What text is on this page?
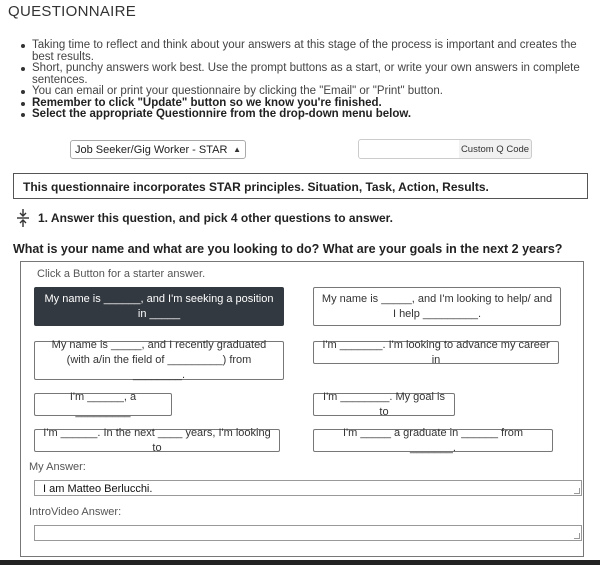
QUESTIONNAIRE
Taking time to reflect and think about your answers at this stage of the process is important and creates the best results.
Short, punchy answers work best. Use the prompt buttons as a start, or write your own answers in complete sentences.
You can email or print your questionnaire by clicking the "Email" or "Print" button.
Remember to click "Update" button so we know you're finished.
Select the appropriate Questionnire from the drop-down menu below.
Job Seeker/Gig Worker - STAR ▲︎	Custom Q Code
This questionnaire incorporates STAR principles. Situation, Task, Action, Results.
1. Answer this question, and pick 4 other questions to answer.
What is your name and what are you looking to do? What are your goals in the next 2 years?
Click a Button for a starter answer.
My name is ______, and I'm seeking a position in _____
My name is _____, and I'm looking to help/ and I help _________.
My name is _____, and I recently graduated (with a/in the field of _________) from ________.
I'm _______. I'm looking to advance my career in
I'm ______, a _________
I'm ________. My goal is to
I'm ______. In the next ____ years, I'm looking to
I'm _____ a graduate in ______ from _______.
My Answer:
I am Matteo Berlucchi.
IntroVideo Answer:
